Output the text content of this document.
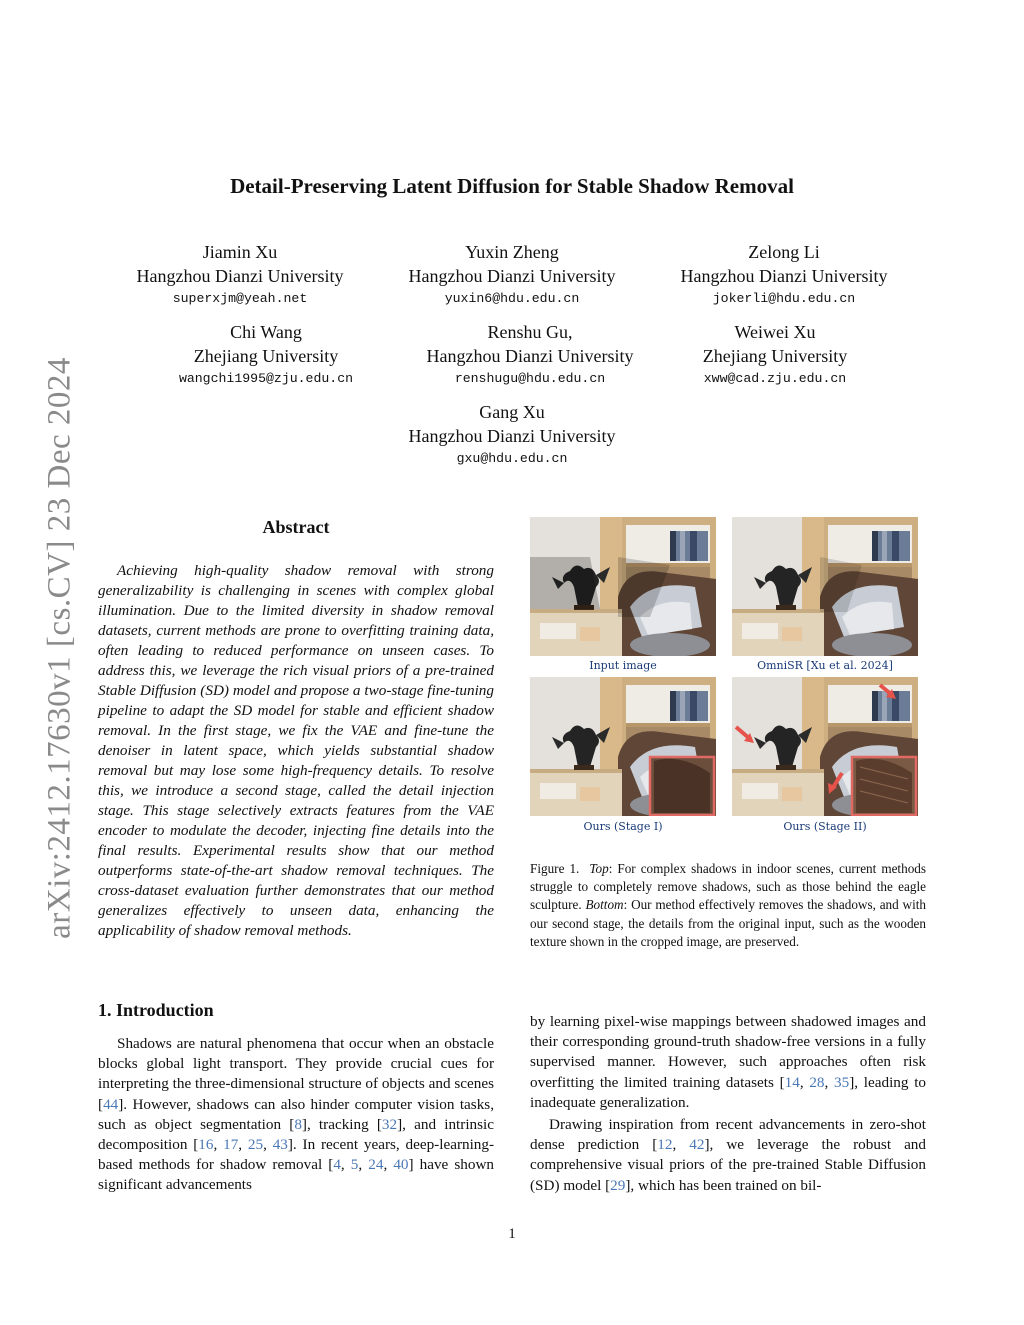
Detail-Preserving Latent Diffusion for Stable Shadow Removal
Jiamin Xu
Hangzhou Dianzi University
superxjm@yeah.net
Yuxin Zheng
Hangzhou Dianzi University
yuxin6@hdu.edu.cn
Zelong Li
Hangzhou Dianzi University
jokerli@hdu.edu.cn
Chi Wang
Zhejiang University
wangchi1995@zju.edu.cn
Renshu Gu,
Hangzhou Dianzi University
renshugu@hdu.edu.cn
Weiwei Xu
Zhejiang University
xww@cad.zju.edu.cn
Gang Xu
Hangzhou Dianzi University
gxu@hdu.edu.cn
arXiv:2412.17630v1 [cs.CV] 23 Dec 2024	Abstract
Achieving high-quality shadow removal with strong generalizability is challenging in scenes with complex global illumination. Due to the limited diversity in shadow removal datasets, current methods are prone to overfitting training data, often leading to reduced performance on unseen cases. To address this, we leverage the rich visual priors of a pre-trained Stable Diffusion (SD) model and propose a two-stage fine-tuning pipeline to adapt the SD model for stable and efficient shadow removal. In the first stage, we fix the VAE and fine-tune the denoiser in latent space, which yields substantial shadow removal but may lose some high-frequency details. To resolve this, we introduce a second stage, called the detail injection stage. This stage selectively extracts features from the VAE encoder to modulate the decoder, injecting fine details into the final results. Experimental results show that our method outperforms state-of-the-art shadow removal techniques. The cross-dataset evaluation further demonstrates that our method generalizes effectively to unseen data, enhancing the applicability of shadow removal methods.
Input image	OmniSR [Xu et al. 2024]
Ours (Stage I)	Ours (Stage II)
Figure 1. Top: For complex shadows in indoor scenes, current methods struggle to completely remove shadows, such as those behind the eagle sculpture. Bottom: Our method effectively removes the shadows, and with our second stage, the details from the original input, such as the wooden texture shown in the cropped image, are preserved.
1. Introduction

Shadows are natural phenomena that occur when an obstacle blocks global light transport. They provide crucial cues for interpreting the three-dimensional structure of objects and scenes [44]. However, shadows can also hinder computer vision tasks, such as object segmentation [8], tracking [32], and intrinsic decomposition [16, 17, 25, 43]. In recent years, deep-learning-based methods for shadow removal [4, 5, 24, 40] have shown significant advancements

by learning pixel-wise mappings between shadowed images and their corresponding ground-truth shadow-free versions in a fully supervised manner. However, such approaches often risk overfitting the limited training datasets [14, 28, 35], leading to inadequate generalization.

Drawing inspiration from recent advancements in zero-shot dense prediction [12, 42], we leverage the robust and comprehensive visual priors of the pre-trained Stable Diffusion (SD) model [29], which has been trained on bil-

1
